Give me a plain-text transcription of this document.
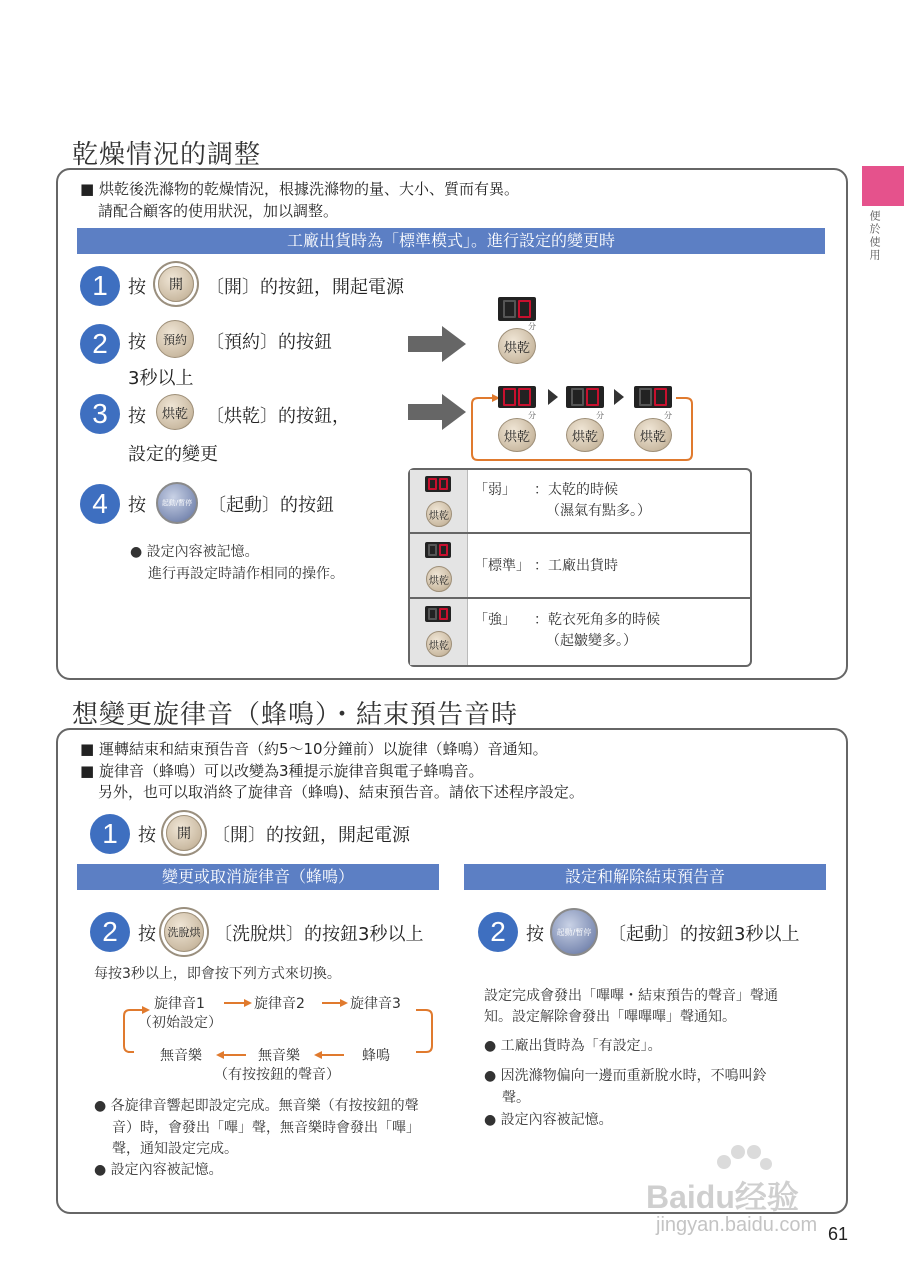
便於使用
乾燥情況的調整
■ 烘乾後洗滌物的乾燥情況，根據洗滌物的量、大小、質而有異。
請配合顧客的使用狀況，加以調整。
工廠出貨時為「標準模式」。進行設定的變更時
1	按	開	〔開〕的按鈕，開起電源
2	按	預約	〔預約〕的按鈕
3秒以上
分
烘乾
3	按	烘乾	〔烘乾〕的按鈕，
設定的變更
分	分	分
烘乾	烘乾	烘乾
4	按	起動/暫停 〔起動〕的按鈕
● 設定內容被記憶。
進行再設定時請作相同的操作。
烘乾
「弱」 ：太乾的時候
（濕氣有點多。）
烘乾
「標準」 ：工廠出貨時
烘乾
「強」 ：乾衣死角多的時候
（起皺變多。）
想變更旋律音（蜂鳴）・結束預告音時
■ 運轉結束和結束預告音（約5～10分鐘前）以旋律（蜂鳴）音通知。
■ 旋律音（蜂鳴）可以改變為3種提示旋律音與電子蜂鳴音。
另外，也可以取消終了旋律音（蜂鳴)、結束預告音。請依下述程序設定。
1	按	開	〔開〕的按鈕，開起電源
變更或取消旋律音（蜂鳴）
2	按	洗脫烘 〔洗脫烘〕的按鈕3秒以上
每按3秒以上，即會按下列方式來切換。
旋律音1
（初始設定）
旋律音2	旋律音3
蜂鳴
無音樂
（有按按鈕的聲音）
無音樂
● 各旋律音響起即設定完成。無音樂（有按按鈕的聲
音）時，會發出「嗶」聲，無音樂時會發出「嗶」
聲，通知設定完成。
● 設定內容被記憶。
設定和解除結束預告音
2	按	起動/暫停 〔起動〕的按鈕3秒以上
設定完成會發出「嗶嗶・結束預告的聲音」聲通
知。設定解除會發出「嗶嗶嗶」聲通知。
● 工廠出貨時為「有設定」。
● 因洗滌物偏向一邊而重新脫水時，不鳴叫鈴
聲。
● 設定內容被記憶。
Baidu经验
jingyan.baidu.com 61
